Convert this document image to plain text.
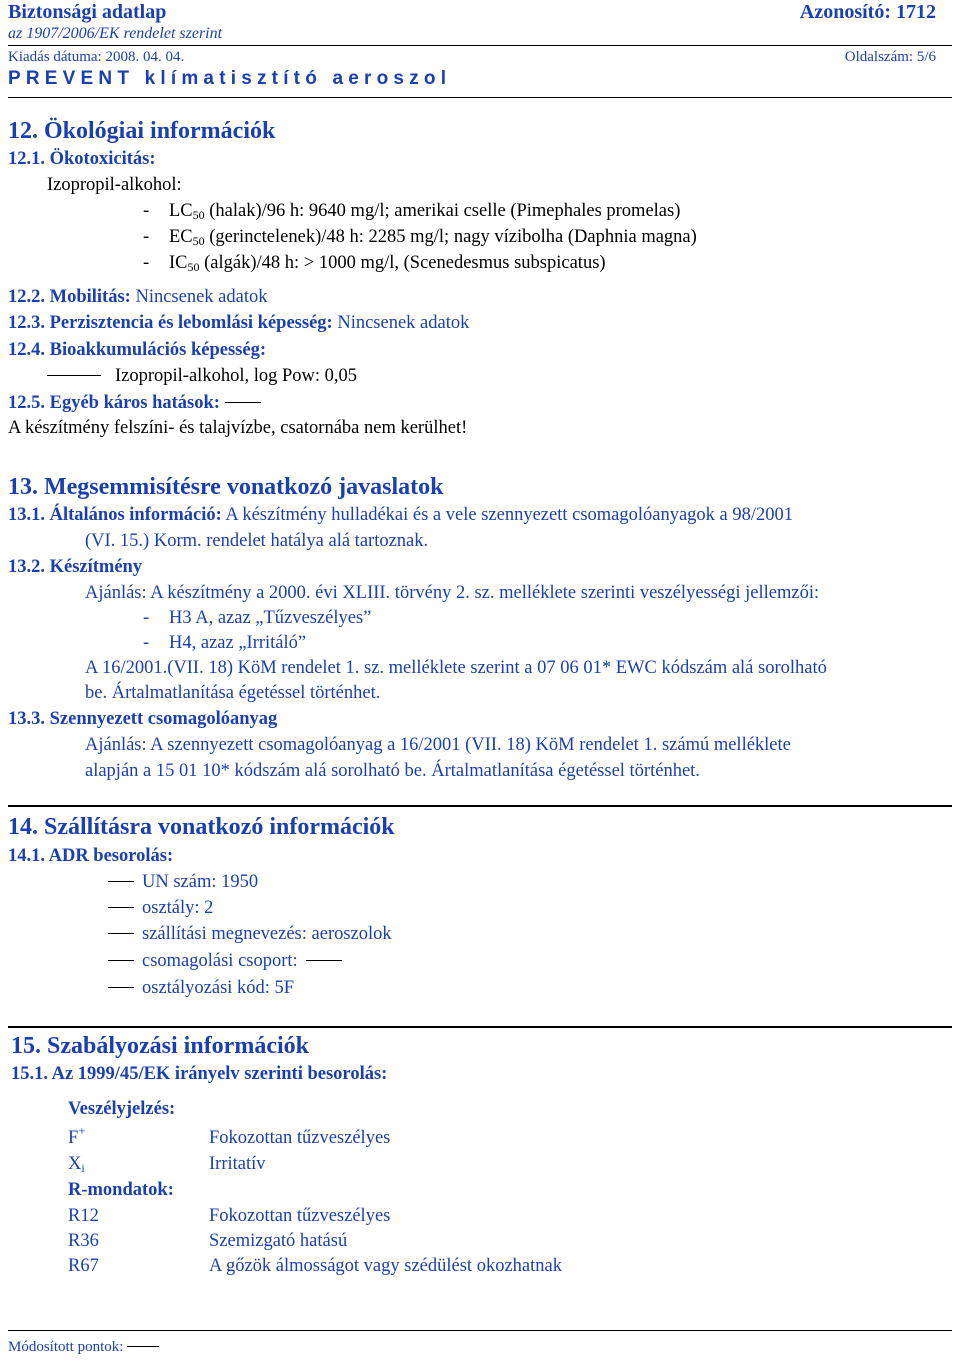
Biztonsági adatlap	Azonosító: 1712
az 1907/2006/EK rendelet szerint
Kiadás dátuma: 2008. 04. 04.	Oldalszám: 5/6
PREVENT klímatisztító aeroszol
12. Ökológiai információk
12.1. Ökotoxicitás:
Izopropil-alkohol:
- $LC_{50}$ (halak)/96 h: 9640 mg/l; amerikai cselle (Pimephales promelas)
- $EC_{50}$ (gerinctelenek)/48 h: 2285 mg/l; nagy vízibolha (Daphnia magna)
- $IC_{50}$ (algák)/48 h: > 1000 mg/l, (Scenedesmus subspicatus)
12.2. Mobilitás: Nincsenek adatok
12.3. Perzisztencia és lebomlási képesség: Nincsenek adatok
12.4. Bioakkumulációs képesség:
Izopropil-alkohol, log Pow: 0,05
12.5. Egyéb káros hatások:
A készítmény felszíni- és talajvízbe, csatornába nem kerülhet!
13. Megsemmisítésre vonatkozó javaslatok
13.1. Általános információ: A készítmény hulladékai és a vele szennyezett csomagolóanyagok a 98/2001
(VI. 15.) Korm. rendelet hatálya alá tartoznak.
13.2. Készítmény
Ajánlás: A készítmény a 2000. évi XLIII. törvény 2. sz. melléklete szerinti veszélyességi jellemzői:
- H3 A, azaz „Tűzveszélyes”
- H4, azaz „Irritáló”
A 16/2001.(VII. 18) KöM rendelet 1. sz. melléklete szerint a 07 06 01* EWC kódszám alá sorolható
be. Ártalmatlanítása égetéssel történhet.
13.3. Szennyezett csomagolóanyag
Ajánlás: A szennyezett csomagolóanyag a 16/2001 (VII. 18) KöM rendelet 1. számú melléklete
alapján a 15 01 10* kódszám alá sorolható be. Ártalmatlanítása égetéssel történhet.
14. Szállításra vonatkozó információk
14.1. ADR besorolás:
UN szám: 1950
osztály: 2
szállítási megnevezés: aeroszolok
csomagolási csoport:
osztályozási kód: 5F
15. Szabályozási információk
15.1. Az 1999/45/EK irányelv szerinti besorolás:
Veszélyjelzés:
F+	Fokozottan tűzveszélyes
$X_i$	Irritatív
R-mondatok:
R12	Fokozottan tűzveszélyes
R36	Szemizgató hatású
R67	A gőzök álmosságot vagy szédülést okozhatnak
Módosított pontok:
